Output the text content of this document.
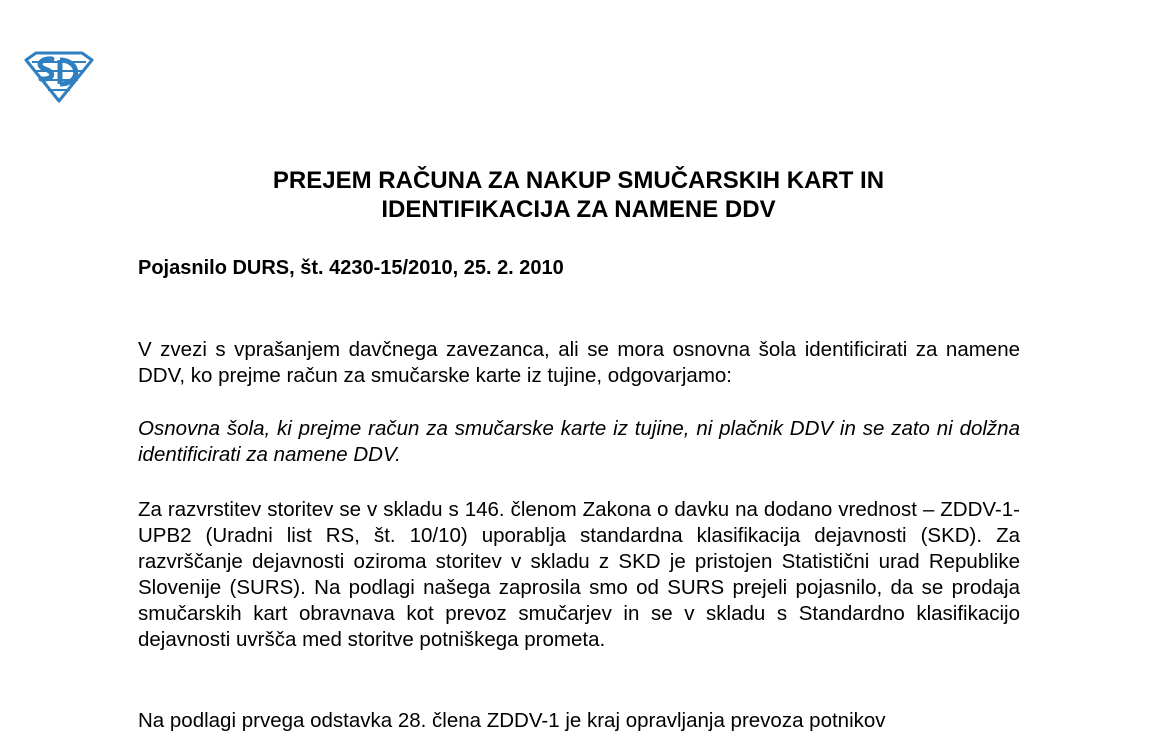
PREJEM RAČUNA ZA NAKUP SMUČARSKIH KART IN
IDENTIFIKACIJA ZA NAMENE DDV

Pojasnilo DURS, št. 4230-15/2010, 25. 2. 2010

V zvezi s vprašanjem davčnega zavezanca, ali se mora osnovna šola identificirati za namene DDV, ko prejme račun za smučarske karte iz tujine, odgovarjamo:

Osnovna šola, ki prejme račun za smučarske karte iz tujine, ni plačnik DDV in se zato ni dolžna identificirati za namene DDV.

Za razvrstitev storitev se v skladu s 146. členom Zakona o davku na dodano vrednost – ZDDV-1-UPB2 (Uradni list RS, št. 10/10) uporablja standardna klasifikacija dejavnosti (SKD). Za razvrščanje dejavnosti oziroma storitev v skladu z SKD je pristojen Statistični urad Republike Slovenije (SURS). Na podlagi našega zaprosila smo od SURS prejeli pojasnilo, da se prodaja smučarskih kart obravnava kot prevoz smučarjev in se v skladu s Standardno klasifikacijo dejavnosti uvršča med storitve potniškega prometa.

Na podlagi prvega odstavka 28. člena ZDDV-1 je kraj opravljanja prevoza potnikov
